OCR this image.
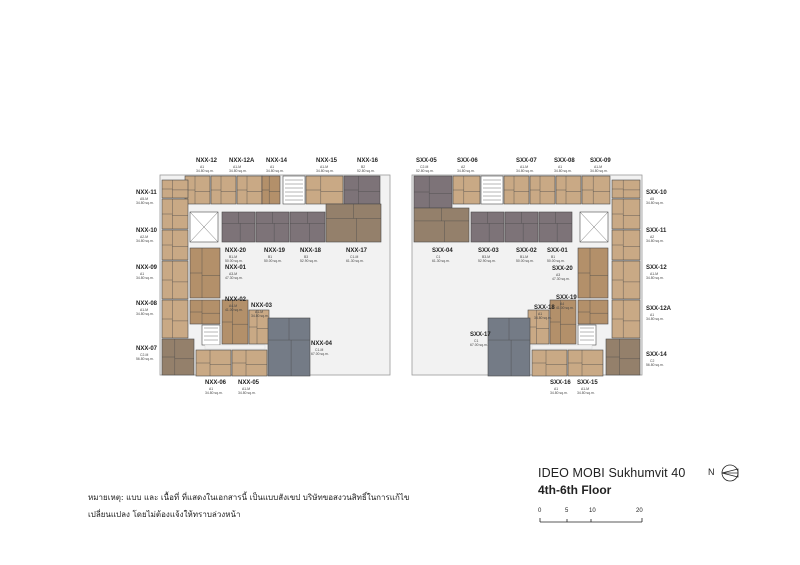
NXX-12
A1
34.80 sq.m.
NXX-12A
A1-M
34.80 sq.m.
NXX-14
A1
34.80 sq.m.
NXX-15
A1-M
34.80 sq.m.
NXX-16
B2
52.80 sq.m.
NXX-11
A5-M
34.80 sq.m.
NXX-10
A2-M
34.80 sq.m.
NXX-09
A1
34.80 sq.m.
NXX-08
A1-M
34.80 sq.m.
NXX-07
C2-M
56.80 sq.m.
NXX-20
B1-M
50.00 sq.m.
NXX-19
B1
50.00 sq.m.
NXX-18
B3
52.90 sq.m.
NXX-17
C1-M
61.30 sq.m.
NXX-01
A3-M
47.30 sq.m.
NXX-02
A4-M
41.00 sq.m.
NXX-03
A1-M
34.80 sq.m.
NXX-04
C1-M
67.00 sq.m.
NXX-06
A1
34.80 sq.m.
NXX-05
A1-M
34.80 sq.m.
SXX-05
C2-M
52.80 sq.m.
SXX-06
A2
34.80 sq.m.
SXX-07
A1-M
34.80 sq.m.
SXX-08
A1
34.80 sq.m.
SXX-09
A1-M
34.80 sq.m.
SXX-10
A5
34.80 sq.m.
SXX-11
A2
34.80 sq.m.
SXX-12
A1-M
34.80 sq.m.
SXX-12A
A1
34.80 sq.m.
SXX-14
C2
56.80 sq.m.
SXX-04
C1
61.30 sq.m.
SXX-03
B3-M
52.90 sq.m.
SXX-02
B1-M
50.00 sq.m.
SXX-01
B1
50.00 sq.m.
SXX-20
A3
47.30 sq.m.
SXX-19
A4
41.00 sq.m.
SXX-18
A1
34.80 sq.m.
SXX-17
C1
67.00 sq.m.
SXX-16
A1
34.80 sq.m.
SXX-15
A1-M
34.80 sq.m.
IDEO MOBI Sukhumvit 40
4th-6th Floor
หมายเหตุ: แบบ และ เนื้อที่ ที่แสดงในเอกสารนี้ เป็นแบบสังเขป บริษัทขอสงวนสิทธิ์ในการแก้ไข
เปลี่ยนแปลง โดยไม่ต้องแจ้งให้ทราบล่วงหน้า	0	5	10	20
N
